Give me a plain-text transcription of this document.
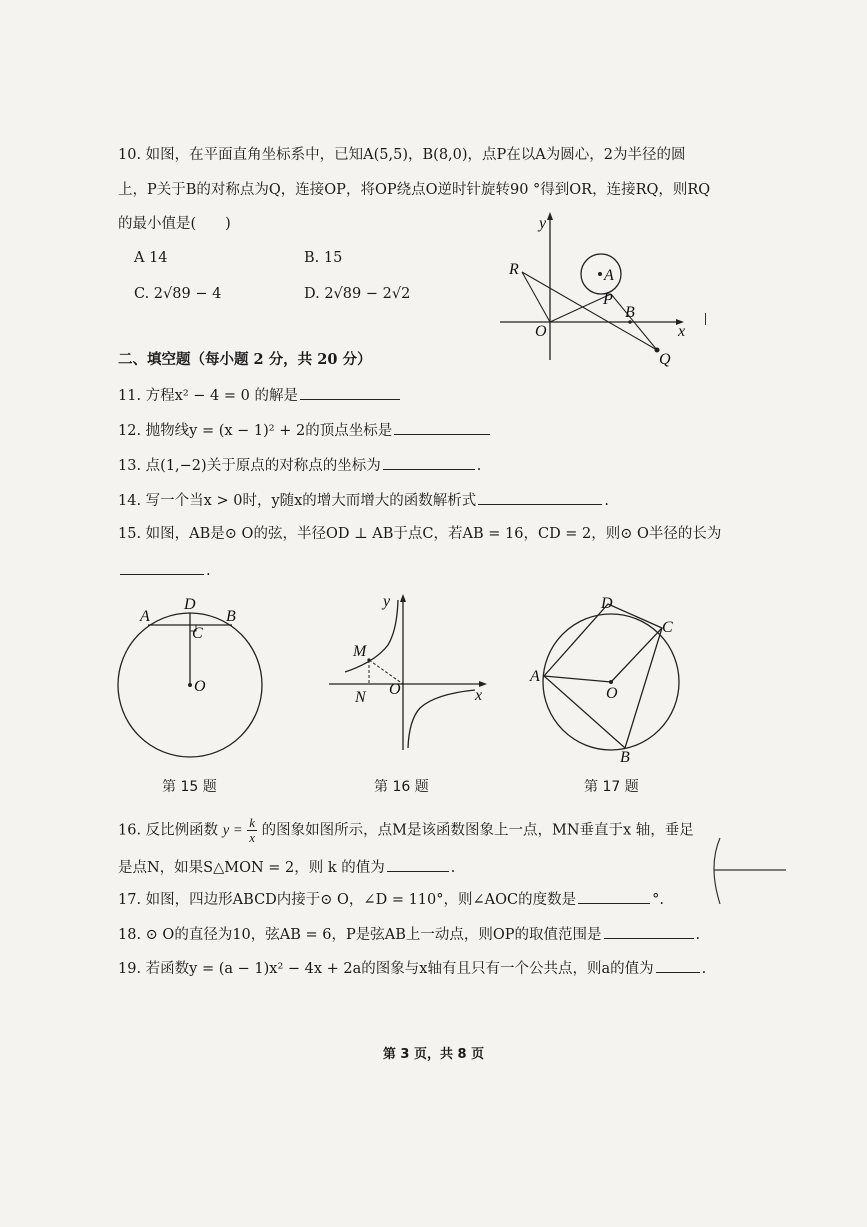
10. 如图，在平面直角坐标系中，已知A(5,5)，B(8,0)，点P在以A为圆心，2为半径的圆
上，P关于B的对称点为Q，连接OP，将OP绕点O逆时针旋转90 °得到OR，连接RQ，则RQ
的最小值是(　　)
A 14	B. 15
C. 2√89 − 4	D. 2√89 − 2√2
y
x
O
A
B
P
Q
R
二、填空题（每小题 2 分，共 20 分）
11. 方程x² − 4 = 0 的解是
12. 抛物线y = (x − 1)² + 2的顶点坐标是
13. 点(1,−2)关于原点的对称点的坐标为	.
14. 写一个当x > 0时，y随x的增大而增大的函数解析式	.
15. 如图，AB是⊙ O的弦，半径OD ⊥ AB于点C，若AB = 16，CD = 2，则⊙ O半径的长为
.
A	B
D
C
O
y
x
M
N O
A
B
C
D
O
第 15 题	第 16 题	第 17 题
16. 反比例函数 $y = \frac{k}{x}$ 的图象如图所示，点M是该函数图象上一点，MN垂直于x 轴，垂足
是点N，如果S△MON = 2，则 k 的值为	.
17. 如图，四边形ABCD内接于⊙ O，∠D = 110°，则∠AOC的度数是	°.
18. ⊙ O的直径为10，弦AB = 6，P是弦AB上一动点，则OP的取值范围是	.
19. 若函数y = (a − 1)x² − 4x + 2a的图象与x轴有且只有一个公共点，则a的值为	.
第 3 页，共 8 页
